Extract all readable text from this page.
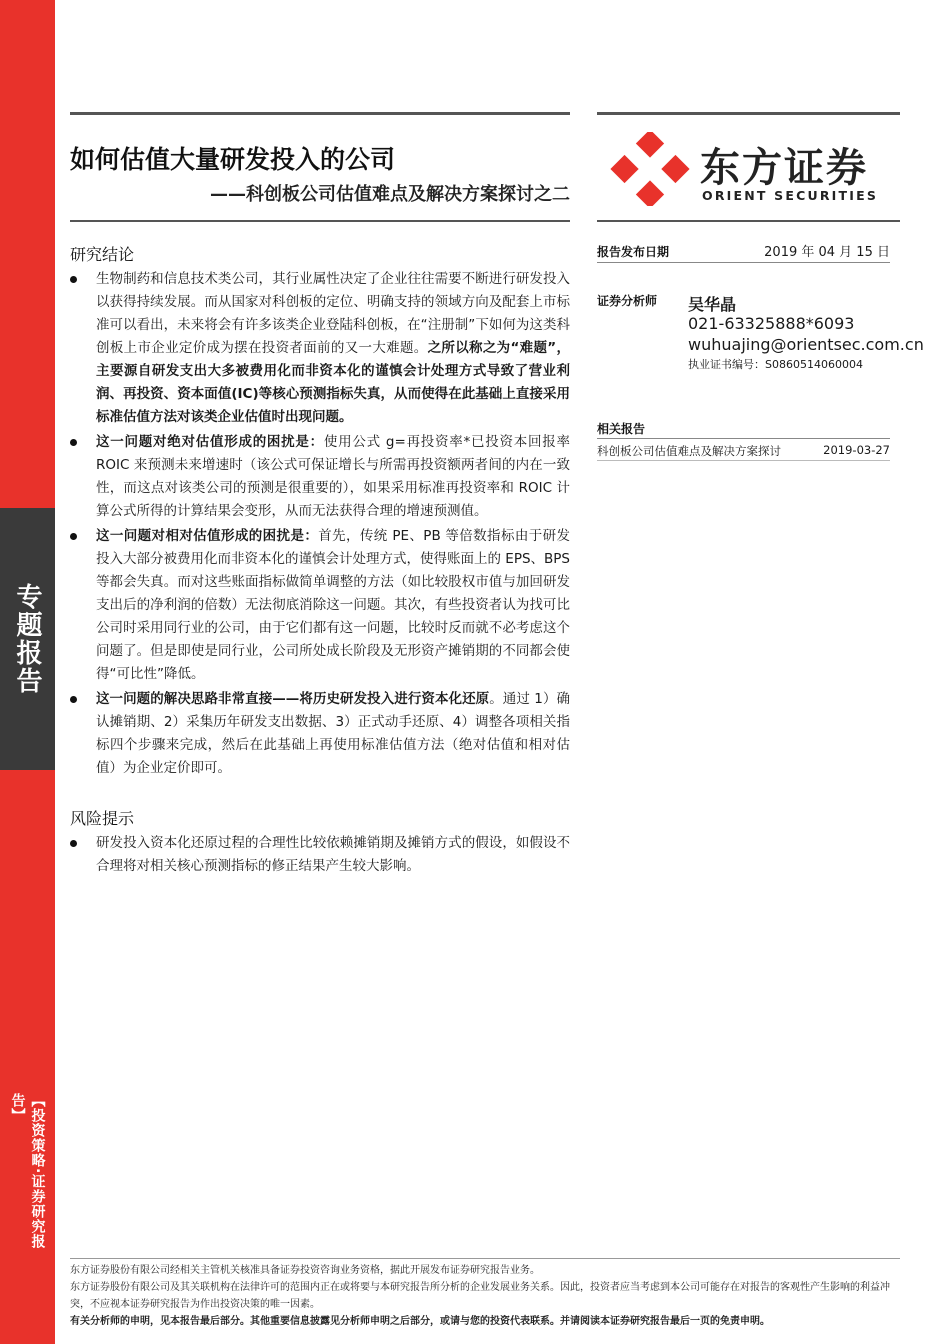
专题报告
【投资策略·证券研究报告】
如何估值大量研发投入的公司
——科创板公司估值难点及解决方案探讨之二
东方证券
ORIENT SECURITIES
研究结论
生物制药和信息技术类公司，其行业属性决定了企业往往需要不断进行研发投入以获得持续发展。而从国家对科创板的定位、明确支持的领域方向及配套上市标准可以看出，未来将会有许多该类企业登陆科创板，在“注册制”下如何为这类科创板上市企业定价成为摆在投资者面前的又一大难题。之所以称之为“难题”，主要源自研发支出大多被费用化而非资本化的谨慎会计处理方式导致了营业利润、再投资、资本面值(IC)等核心预测指标失真，从而使得在此基础上直接采用标准估值方法对该类企业估值时出现问题。
这一问题对绝对估值形成的困扰是：使用公式 g=再投资率*已投资本回报率 ROIC 来预测未来增速时（该公式可保证增长与所需再投资额两者间的内在一致性，而这点对该类公司的预测是很重要的），如果采用标准再投资率和 ROIC 计算公式所得的计算结果会变形，从而无法获得合理的增速预测值。
这一问题对相对估值形成的困扰是：首先，传统 PE、PB 等倍数指标由于研发投入大部分被费用化而非资本化的谨慎会计处理方式，使得账面上的 EPS、BPS 等都会失真。而对这些账面指标做简单调整的方法（如比较股权市值与加回研发支出后的净利润的倍数）无法彻底消除这一问题。其次，有些投资者认为找可比公司时采用同行业的公司，由于它们都有这一问题，比较时反而就不必考虑这个问题了。但是即使是同行业，公司所处成长阶段及无形资产摊销期的不同都会使得“可比性”降低。
这一问题的解决思路非常直接——将历史研发投入进行资本化还原。通过 1）确认摊销期、2）采集历年研发支出数据、3）正式动手还原、4）调整各项相关指标四个步骤来完成，然后在此基础上再使用标准估值方法（绝对估值和相对估值）为企业定价即可。
风险提示
研发投入资本化还原过程的合理性比较依赖摊销期及摊销方式的假设，如假设不合理将对相关核心预测指标的修正结果产生较大影响。
报告发布日期	2019 年 04 月 15 日
证券分析师 吴华晶
021-63325888*6093
wuhuajing@orientsec.com.cn
执业证书编号：S0860514060004
相关报告
科创板公司估值难点及解决方案探讨	2019-03-27

东方证券股份有限公司经相关主管机关核准具备证券投资咨询业务资格，据此开展发布证券研究报告业务。

东方证券股份有限公司及其关联机构在法律许可的范围内正在或将要与本研究报告所分析的企业发展业务关系。因此，投资者应当考虑到本公司可能存在对报告的客观性产生影响的利益冲突，不应视本证券研究报告为作出投资决策的唯一因素。

有关分析师的申明，见本报告最后部分。其他重要信息披露见分析师申明之后部分，或请与您的投资代表联系。并请阅读本证券研究报告最后一页的免责申明。
